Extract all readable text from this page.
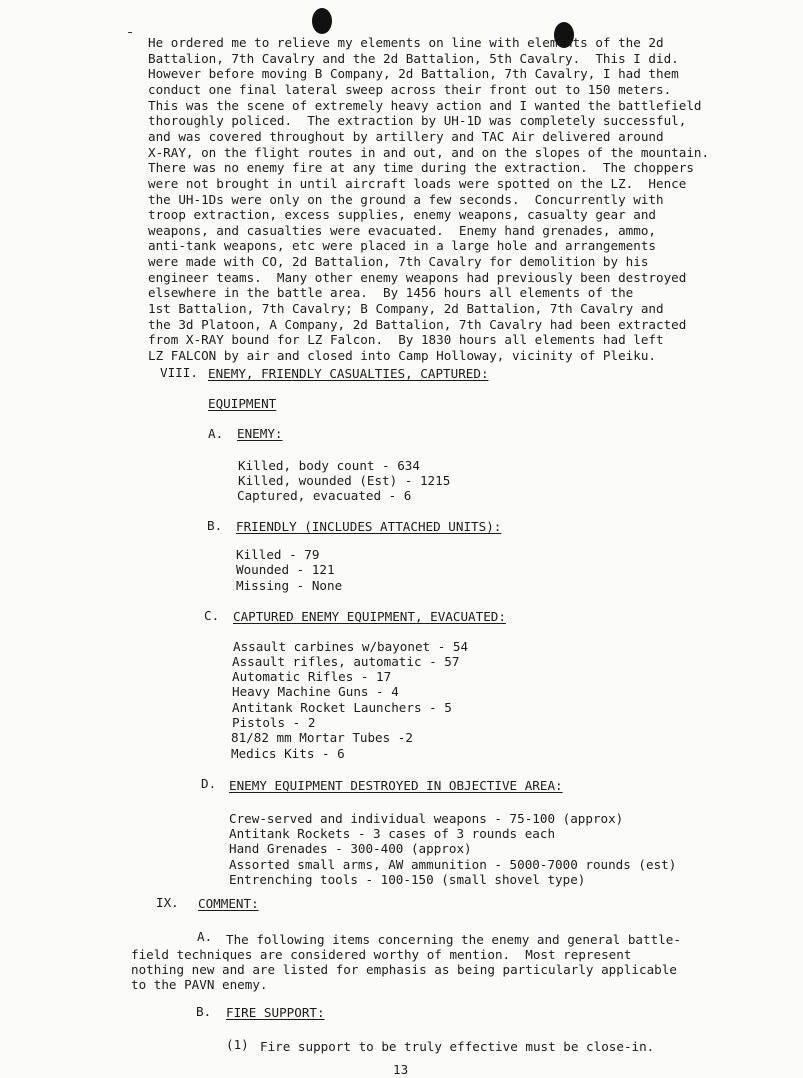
He ordered me to relieve my elements on line with elements of the 2d
Battalion, 7th Cavalry and the 2d Battalion, 5th Cavalry.  This I did.
However before moving B Company, 2d Battalion, 7th Cavalry, I had them
conduct one final lateral sweep across their front out to 150 meters.
This was the scene of extremely heavy action and I wanted the battlefield
thoroughly policed.  The extraction by UH-1D was completely successful,
and was covered throughout by artillery and TAC Air delivered around
X-RAY, on the flight routes in and out, and on the slopes of the mountain.
There was no enemy fire at any time during the extraction.  The choppers
were not brought in until aircraft loads were spotted on the LZ.  Hence
the UH-1Ds were only on the ground a few seconds.  Concurrently with
troop extraction, excess supplies, enemy weapons, casualty gear and
weapons, and casualties were evacuated.  Enemy hand grenades, ammo,
anti-tank weapons, etc were placed in a large hole and arrangements
were made with CO, 2d Battalion, 7th Cavalry for demolition by his
engineer teams.  Many other enemy weapons had previously been destroyed
elsewhere in the battle area.  By 1456 hours all elements of the
1st Battalion, 7th Cavalry; B Company, 2d Battalion, 7th Cavalry and
the 3d Platoon, A Company, 2d Battalion, 7th Cavalry had been extracted
from X-RAY bound for LZ Falcon.  By 1830 hours all elements had left
LZ FALCON by air and closed into Camp Holloway, vicinity of Pleiku.
VIII. ENEMY, FRIENDLY CASUALTIES, CAPTURED:
EQUIPMENT
A. ENEMY:
Killed, body count - 634
Killed, wounded (Est) - 1215
Captured, evacuated - 6
B. FRIENDLY (INCLUDES ATTACHED UNITS):
Killed - 79
Wounded - 121
Missing - None
C. CAPTURED ENEMY EQUIPMENT, EVACUATED:
Assault carbines w/bayonet - 54
Assault rifles, automatic - 57
Automatic Rifles - 17
Heavy Machine Guns - 4
Antitank Rocket Launchers - 5
Pistols - 2
81/82 mm Mortar Tubes -2
Medics Kits - 6
D. ENEMY EQUIPMENT DESTROYED IN OBJECTIVE AREA:
Crew-served and individual weapons - 75-100 (approx)
Antitank Rockets - 3 cases of 3 rounds each
Hand Grenades - 300-400 (approx)
Assorted small arms, AW ammunition - 5000-7000 rounds (est)
Entrenching tools - 100-150 (small shovel type)
IX. COMMENT:
A. The following items concerning the enemy and general battle-
field techniques are considered worthy of mention.  Most represent
nothing new and are listed for emphasis as being particularly applicable
to the PAVN enemy.
B. FIRE SUPPORT:
(1) Fire support to be truly effective must be close-in.
13
